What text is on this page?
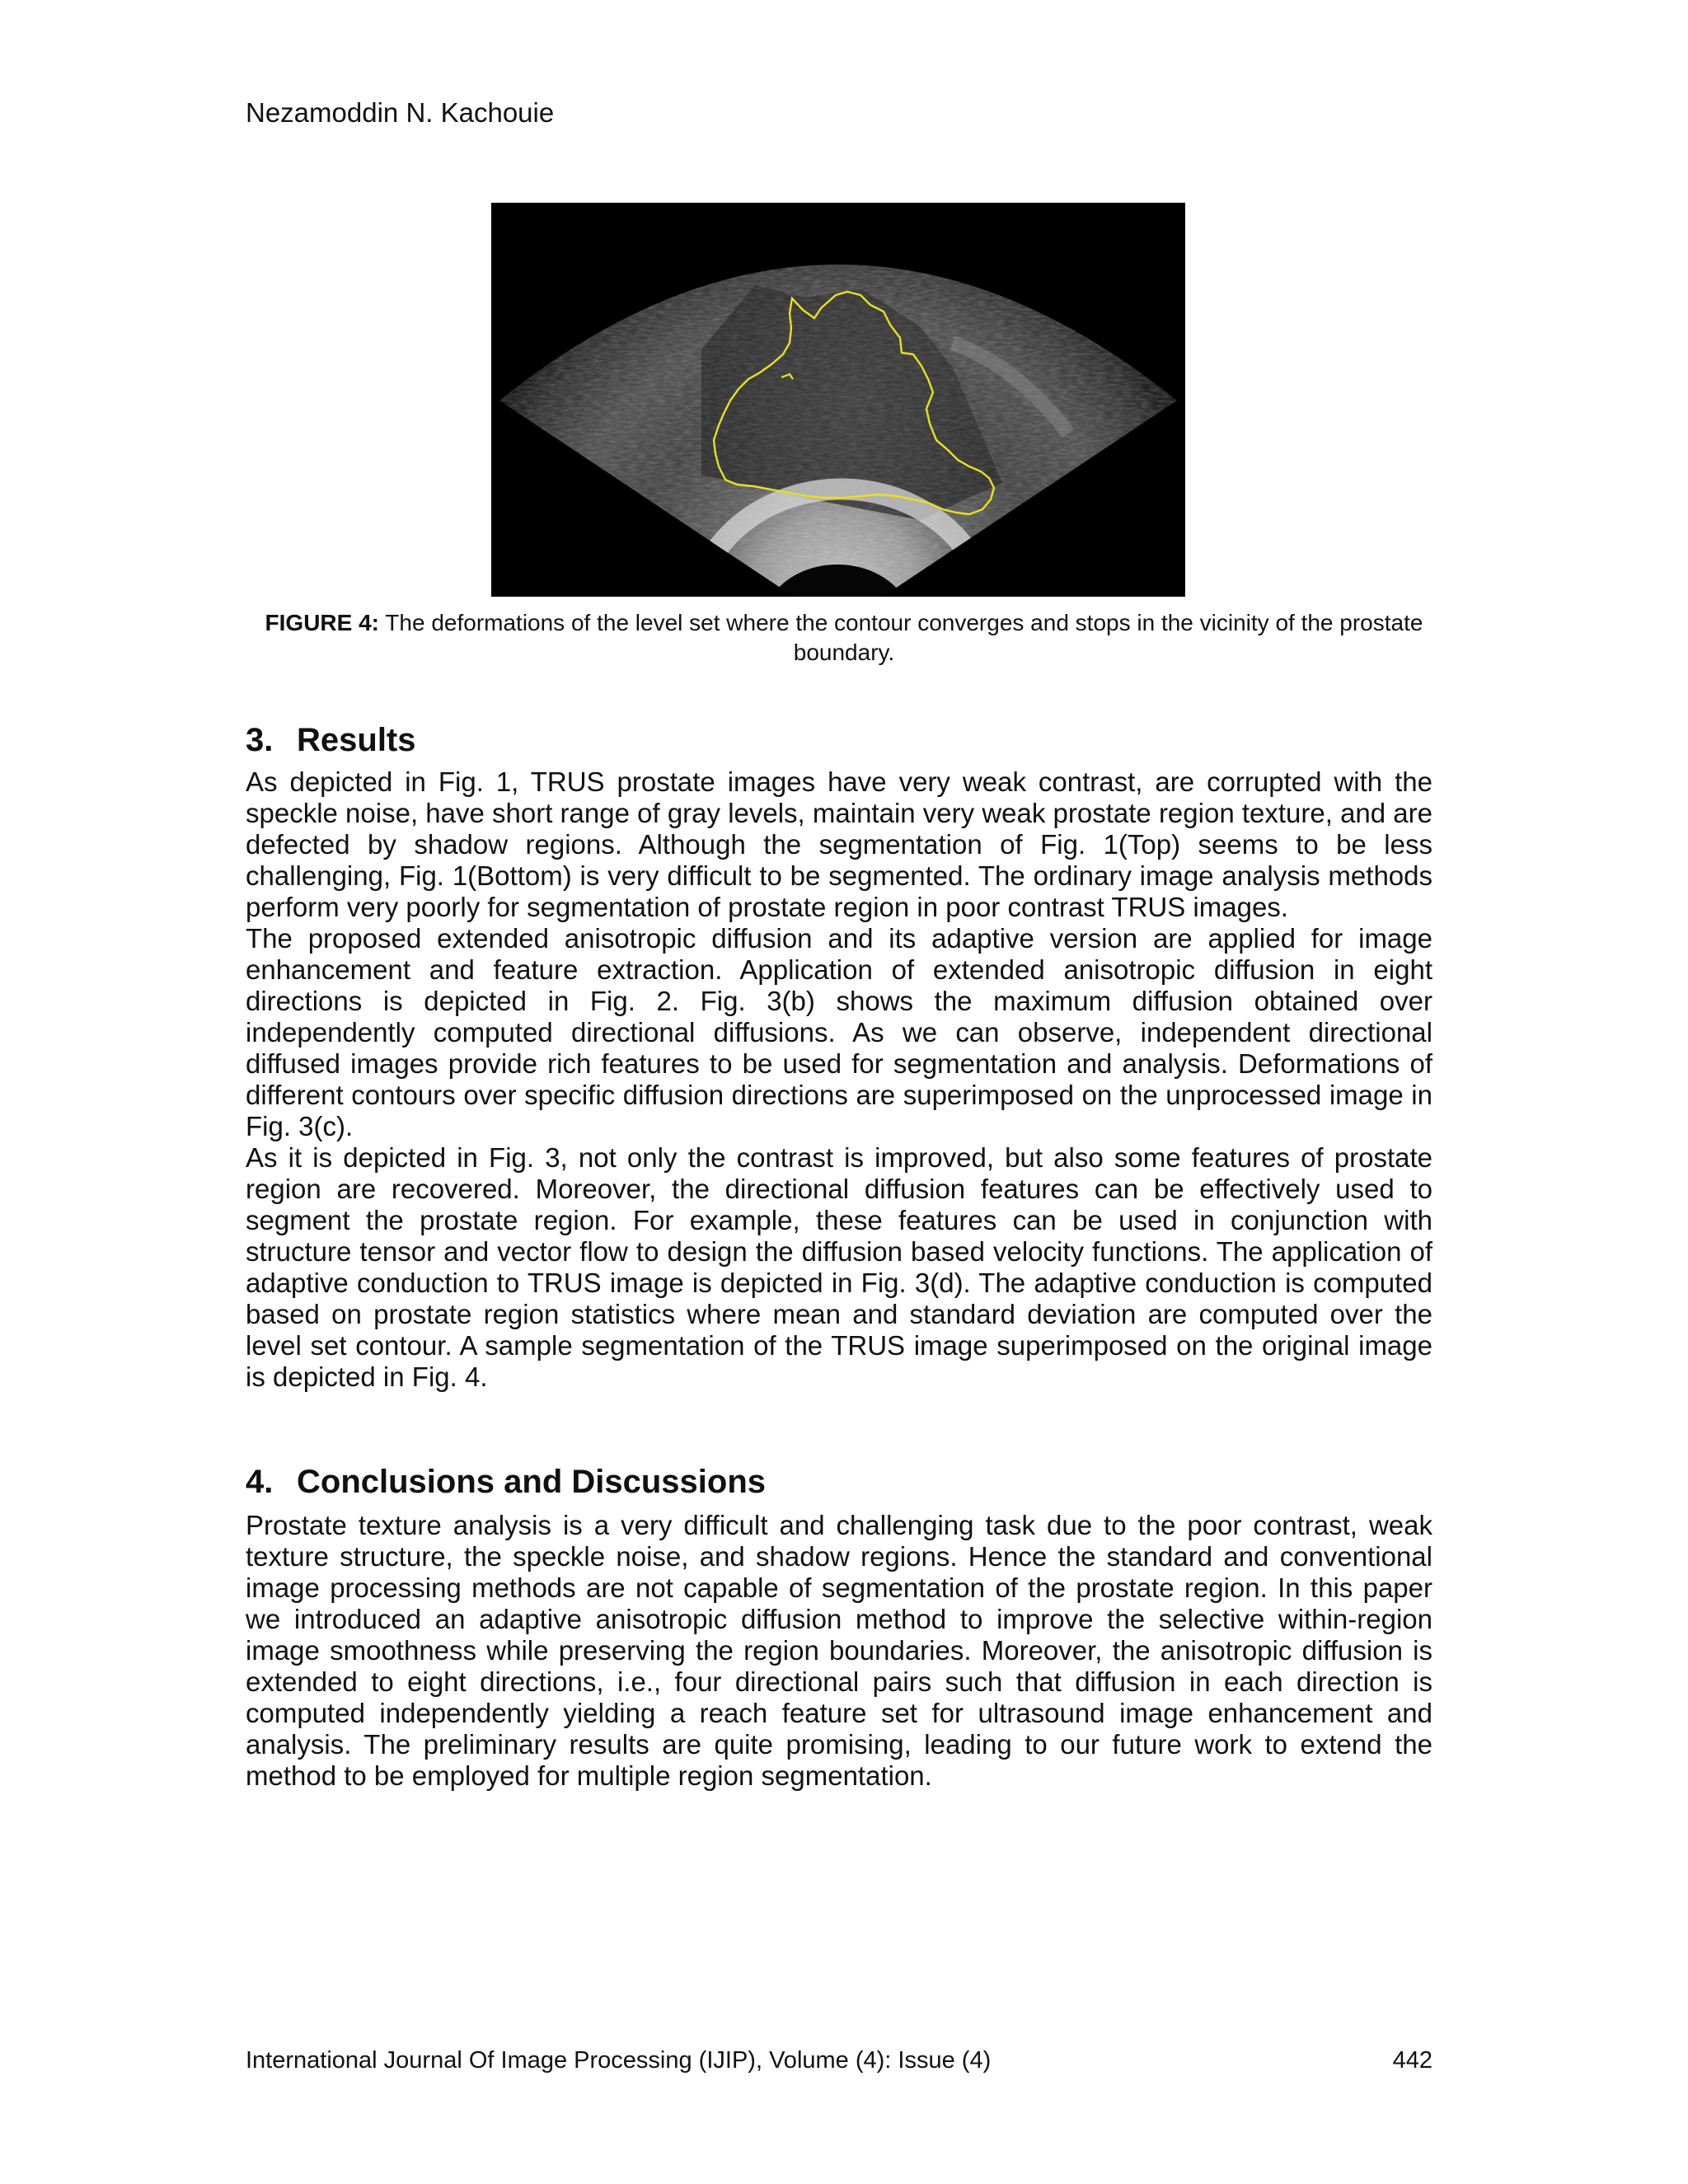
Nezamoddin N. Kachouie
FIGURE 4: The deformations of the level set where the contour converges and stops in the vicinity of the prostate boundary.
3. Results

As depicted in Fig. 1, TRUS prostate images have very weak contrast, are corrupted with the speckle noise, have short range of gray levels, maintain very weak prostate region texture, and are defected by shadow regions. Although the segmentation of Fig. 1(Top) seems to be less challenging, Fig. 1(Bottom) is very difficult to be segmented. The ordinary image analysis methods perform very poorly for segmentation of prostate region in poor contrast TRUS images.

The proposed extended anisotropic diffusion and its adaptive version are applied for image enhancement and feature extraction. Application of extended anisotropic diffusion in eight directions is depicted in Fig. 2. Fig. 3(b) shows the maximum diffusion obtained over independently computed directional diffusions. As we can observe, independent directional diffused images provide rich features to be used for segmentation and analysis. Deformations of different contours over specific diffusion directions are superimposed on the unprocessed image in Fig. 3(c).

As it is depicted in Fig. 3, not only the contrast is improved, but also some features of prostate region are recovered. Moreover, the directional diffusion features can be effectively used to segment the prostate region. For example, these features can be used in conjunction with structure tensor and vector flow to design the diffusion based velocity functions. The application of adaptive conduction to TRUS image is depicted in Fig. 3(d). The adaptive conduction is computed based on prostate region statistics where mean and standard deviation are computed over the level set contour. A sample segmentation of the TRUS image superimposed on the original image is depicted in Fig. 4.

4. Conclusions and Discussions

Prostate texture analysis is a very difficult and challenging task due to the poor contrast, weak texture structure, the speckle noise, and shadow regions. Hence the standard and conventional image processing methods are not capable of segmentation of the prostate region. In this paper we introduced an adaptive anisotropic diffusion method to improve the selective within-region image smoothness while preserving the region boundaries. Moreover, the anisotropic diffusion is extended to eight directions, i.e., four directional pairs such that diffusion in each direction is computed independently yielding a reach feature set for ultrasound image enhancement and analysis. The preliminary results are quite promising, leading to our future work to extend the method to be employed for multiple region segmentation.

International Journal Of Image Processing (IJIP), Volume (4): Issue (4)	442
